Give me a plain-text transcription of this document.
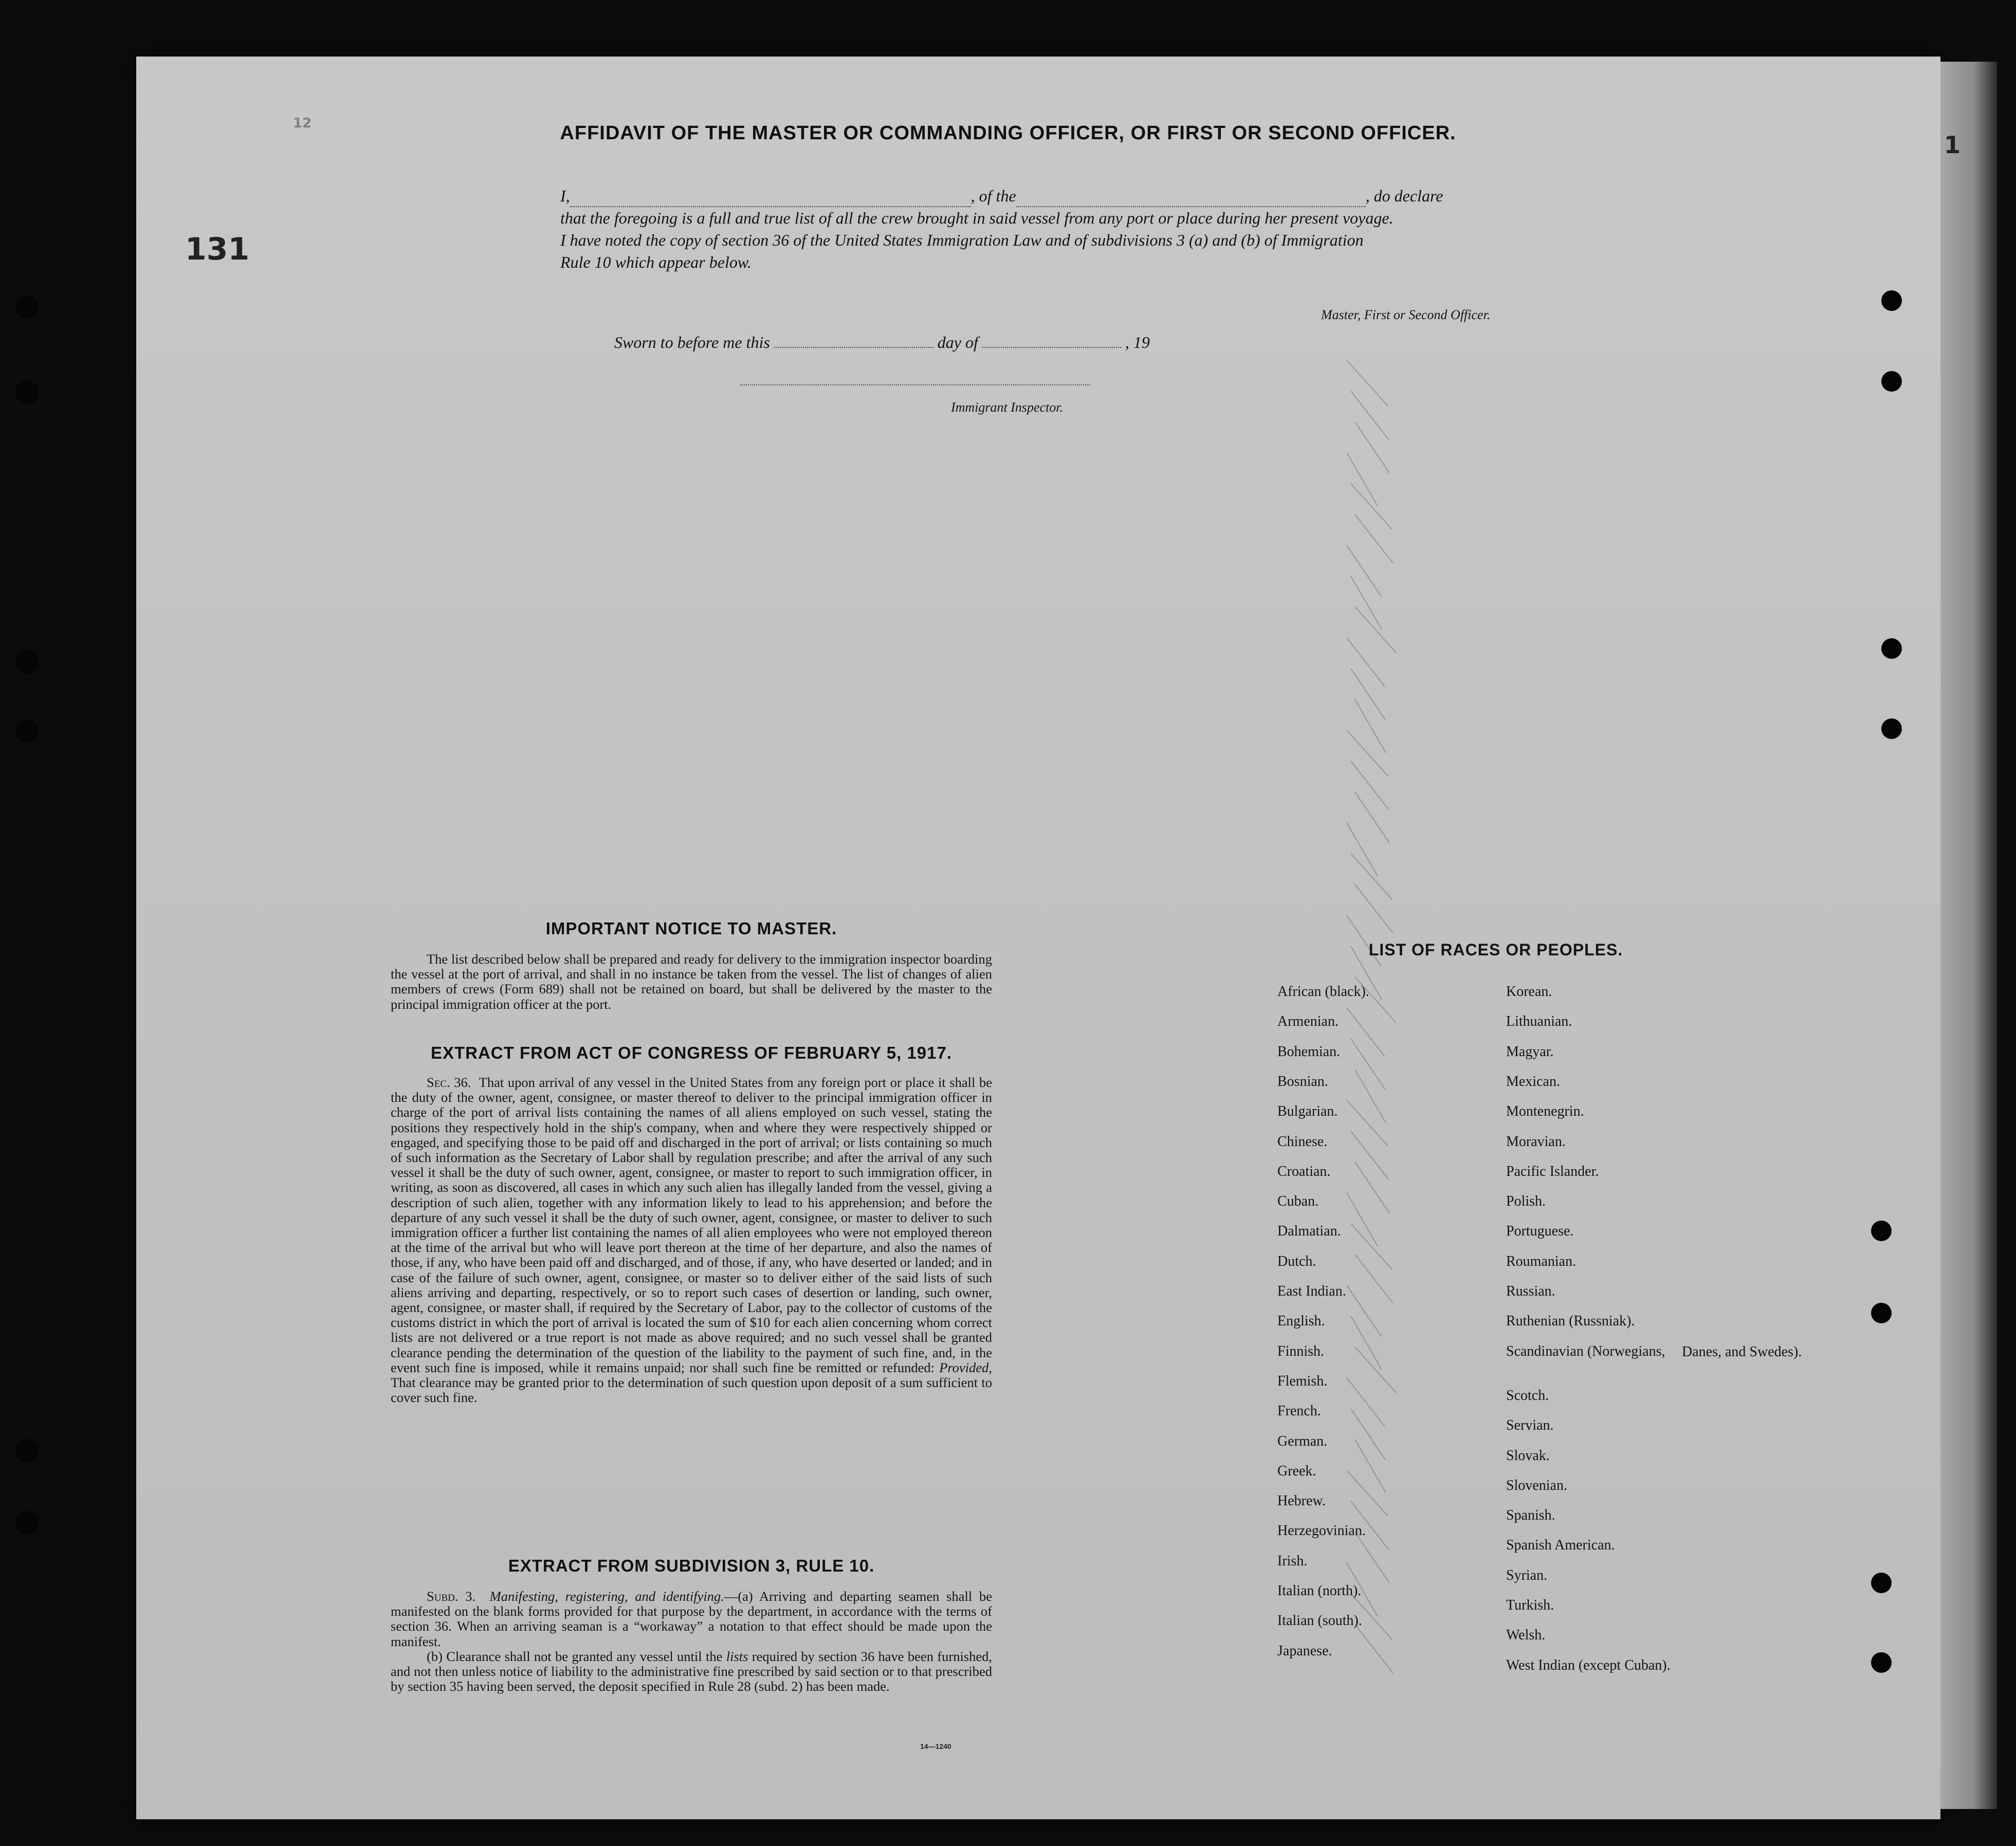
131
12
1
AFFIDAVIT OF THE MASTER OR COMMANDING OFFICER, OR FIRST OR SECOND OFFICER.
I,	, of the	, do declare
that the foregoing is a full and true list of all the crew brought in said vessel from any port or place during her present voyage.
I have noted the copy of section 36 of the United States Immigration Law and of subdivisions 3 (a) and (b) of Immigration
Rule 10 which appear below.
Master, First or Second Officer.
Sworn to before me this	day of	, 19
Immigrant Inspector.
IMPORTANT NOTICE TO MASTER.

The list described below shall be prepared and ready for delivery to the immigration inspector boarding the vessel at the port of arrival, and shall in no instance be taken from the vessel. The list of changes of alien members of crews (Form 689) shall not be retained on board, but shall be delivered by the master to the principal immigration officer at the port.

EXTRACT FROM ACT OF CONGRESS OF FEBRUARY 5, 1917.

Sec. 36. That upon arrival of any vessel in the United States from any foreign port or place it shall be the duty of the owner, agent, consignee, or master thereof to deliver to the principal immigration officer in charge of the port of arrival lists containing the names of all aliens employed on such vessel, stating the positions they respectively hold in the ship's company, when and where they were respectively shipped or engaged, and specifying those to be paid off and discharged in the port of arrival; or lists containing so much of such information as the Secretary of Labor shall by regulation prescribe; and after the arrival of any such vessel it shall be the duty of such owner, agent, consignee, or master to report to such immigration officer, in writing, as soon as discovered, all cases in which any such alien has illegally landed from the vessel, giving a description of such alien, together with any information likely to lead to his apprehension; and before the departure of any such vessel it shall be the duty of such owner, agent, consignee, or master to deliver to such immigration officer a further list containing the names of all alien employees who were not employed thereon at the time of the arrival but who will leave port thereon at the time of her departure, and also the names of those, if any, who have been paid off and discharged, and of those, if any, who have deserted or landed; and in case of the failure of such owner, agent, consignee, or master so to deliver either of the said lists of such aliens arriving and departing, respectively, or so to report such cases of desertion or landing, such owner, agent, consignee, or master shall, if required by the Secretary of Labor, pay to the collector of customs of the customs district in which the port of arrival is located the sum of $10 for each alien concerning whom correct lists are not delivered or a true report is not made as above required; and no such vessel shall be granted clearance pending the determination of the question of the liability to the payment of such fine, and, in the event such fine is imposed, while it remains unpaid; nor shall such fine be remitted or refunded: Provided, That clearance may be granted prior to the determination of such question upon deposit of a sum sufficient to cover such fine.

EXTRACT FROM SUBDIVISION 3, RULE 10.

Subd. 3. Manifesting, registering, and identifying.—(a) Arriving and departing seamen shall be manifested on the blank forms provided for that purpose by the department, in accordance with the terms of section 36. When an arriving seaman is a “workaway” a notation to that effect should be made upon the manifest.

(b) Clearance shall not be granted any vessel until the lists required by section 36 have been furnished, and not then unless notice of liability to the administrative fine prescribed by said section or to that prescribed by section 35 having been served, the deposit specified in Rule 28 (subd. 2) has been made.

14—1240
LIST OF RACES OR PEOPLES.
African (black).
Armenian.
Bohemian.
Bosnian.
Bulgarian.
Chinese.
Croatian.
Cuban.
Dalmatian.
Dutch.
East Indian.
English.
Finnish.
Flemish.
French.
German.
Greek.
Hebrew.
Herzegovinian.
Irish.
Italian (north).
Italian (south).
Japanese.
Korean.
Lithuanian.
Magyar.
Mexican.
Montenegrin.
Moravian.
Pacific Islander.
Polish.
Portuguese.
Roumanian.
Russian.
Ruthenian (Russniak).
Scandinavian (Norwegians, Danes, and Swedes).
Scotch.
Servian.
Slovak.
Slovenian.
Spanish.
Spanish American.
Syrian.
Turkish.
Welsh.
West Indian (except Cuban).
